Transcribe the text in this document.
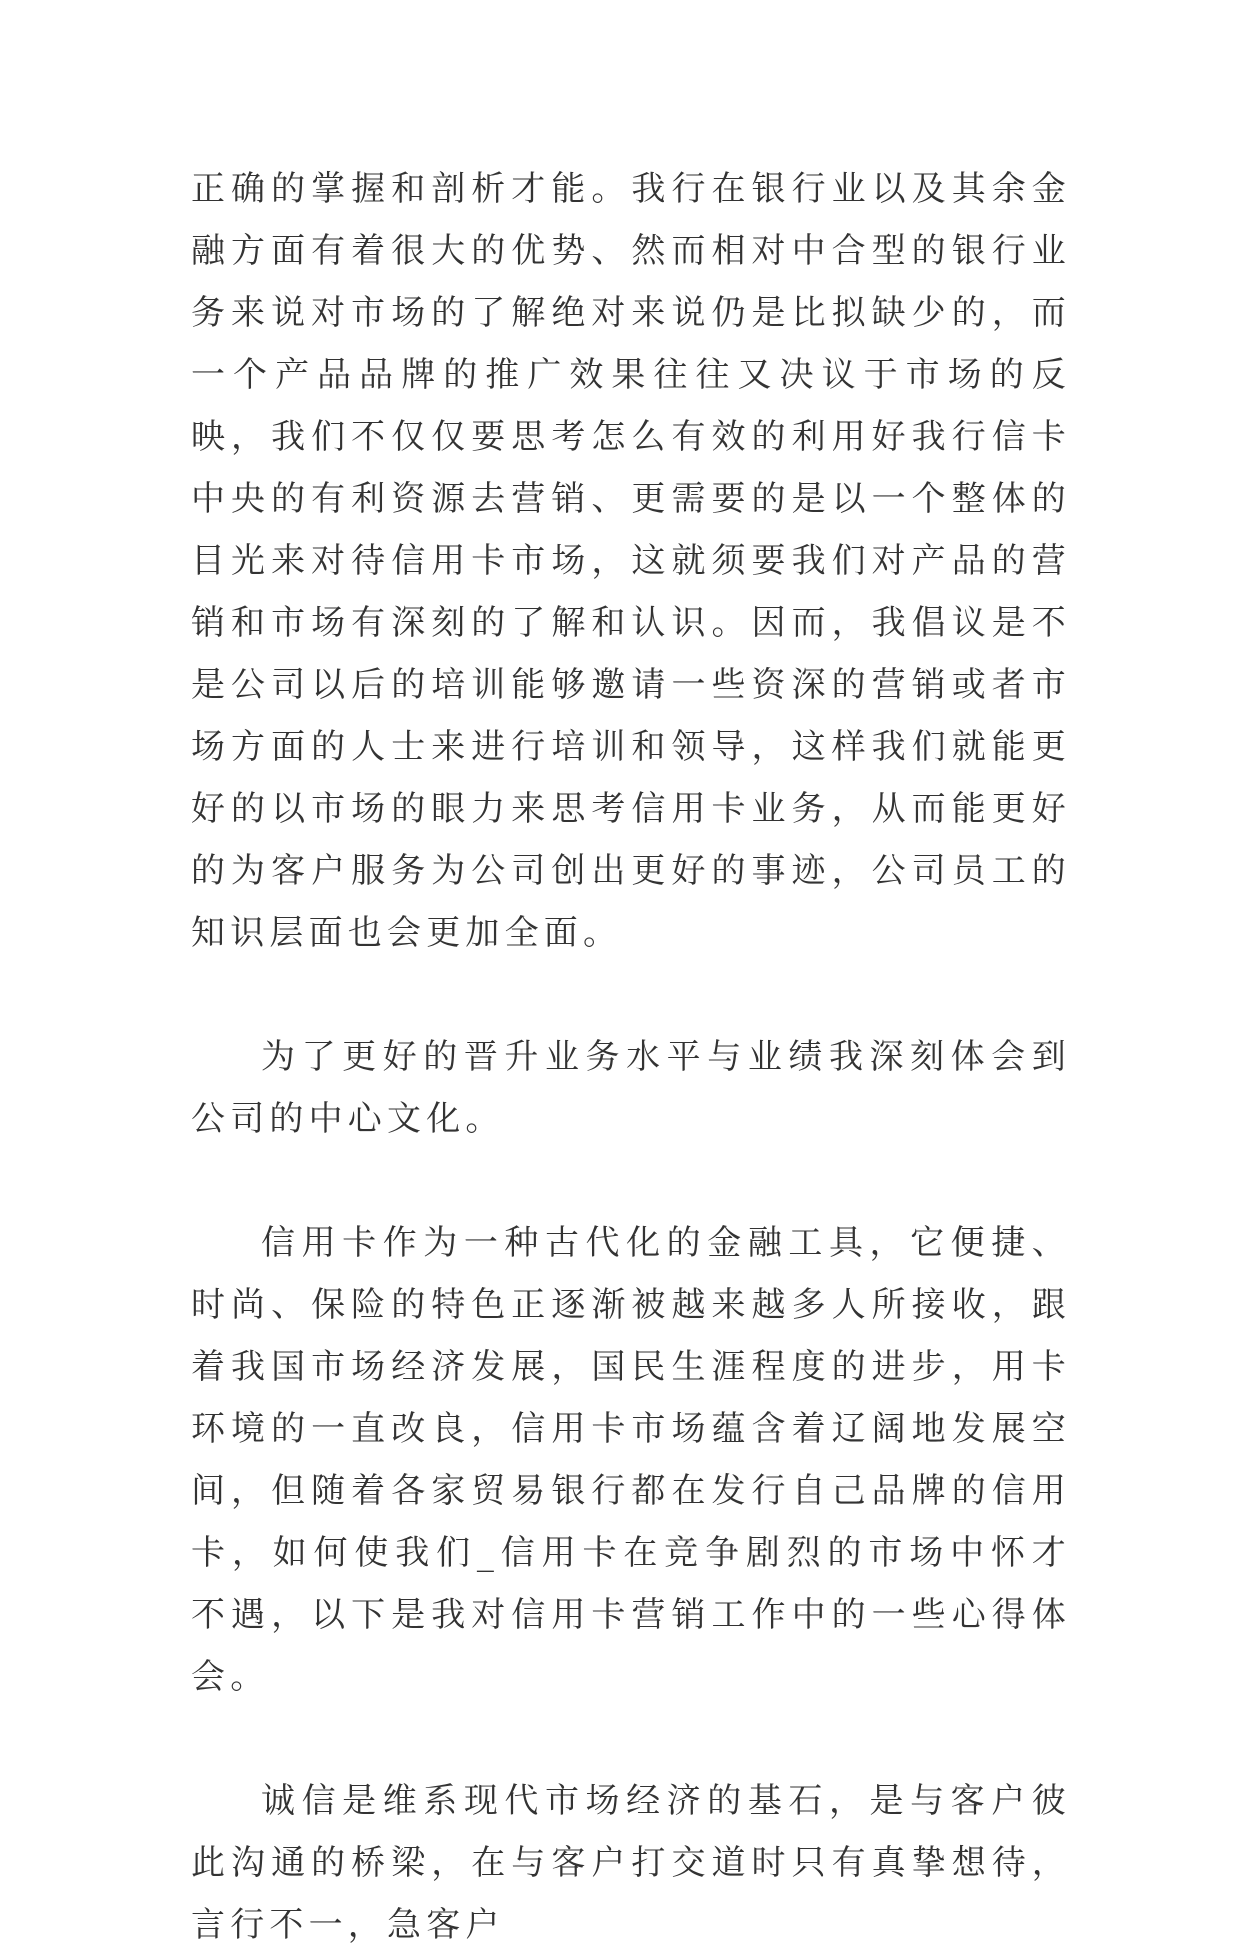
正确的掌握和剖析才能。我行在银行业以及其余金融方面有着很大的优势、然而相对中合型的银行业务来说对市场的了解绝对来说仍是比拟缺少的，而一个产品品牌的推广效果往往又决议于市场的反映，我们不仅仅要思考怎么有效的利用好我行信卡中央的有利资源去营销、更需要的是以一个整体的目光来对待信用卡市场，这就须要我们对产品的营销和市场有深刻的了解和认识。因而，我倡议是不是公司以后的培训能够邀请一些资深的营销或者市场方面的人士来进行培训和领导，这样我们就能更好的以市场的眼力来思考信用卡业务，从而能更好的为客户服务为公司创出更好的事迹，公司员工的知识层面也会更加全面。

为了更好的晋升业务水平与业绩我深刻体会到公司的中心文化。

信用卡作为一种古代化的金融工具，它便捷、时尚、保险的特色正逐渐被越来越多人所接收，跟着我国市场经济发展，国民生涯程度的进步，用卡环境的一直改良，信用卡市场蕴含着辽阔地发展空间，但随着各家贸易银行都在发行自己品牌的信用卡，如何使我们_信用卡在竞争剧烈的市场中怀才不遇，以下是我对信用卡营销工作中的一些心得体会。

诚信是维系现代市场经济的基石，是与客户彼此沟通的桥梁，在与客户打交道时只有真挚想待，言行不一，急客户
